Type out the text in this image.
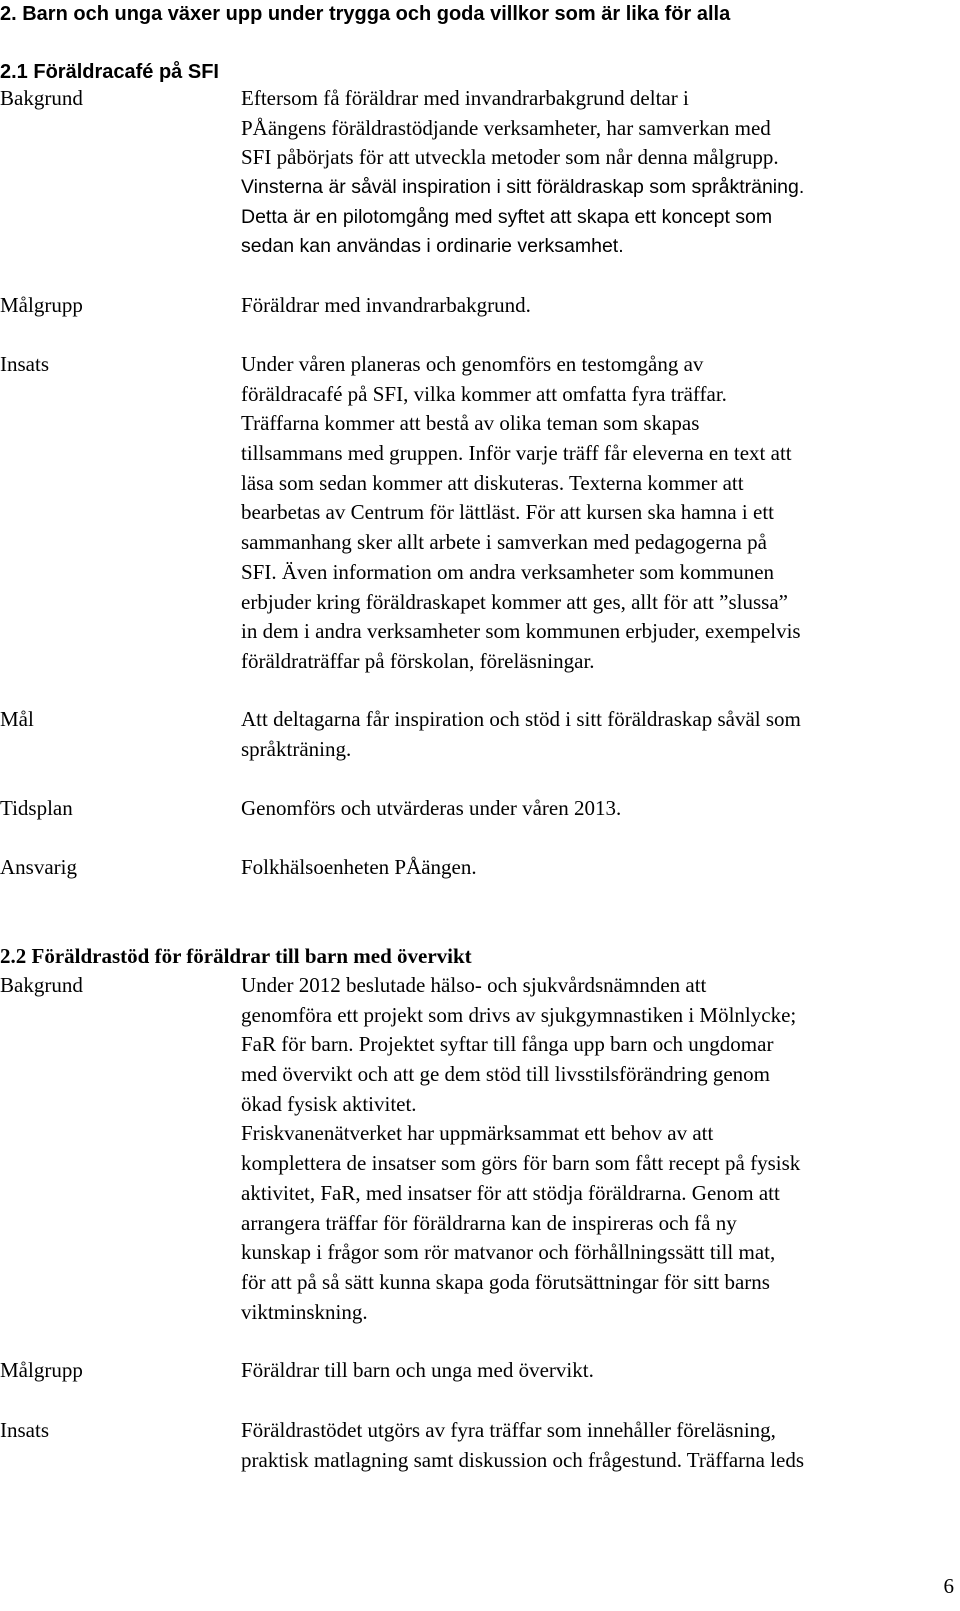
2. Barn och unga växer upp under trygga och goda villkor som är lika för alla
2.1 Föräldracafé på SFI
Bakgrund	Eftersom få föräldrar med invandrarbakgrund deltar i
PÅängens föräldrastödjande verksamheter, har samverkan med
SFI påbörjats för att utveckla metoder som når denna målgrupp.
Vinsterna är såväl inspiration i sitt föräldraskap som språkträning.
Detta är en pilotomgång med syftet att skapa ett koncept som
sedan kan användas i ordinarie verksamhet.
Målgrupp	Föräldrar med invandrarbakgrund.
Insats	Under våren planeras och genomförs en testomgång av
föräldracafé på SFI, vilka kommer att omfatta fyra träffar.
Träffarna kommer att bestå av olika teman som skapas
tillsammans med gruppen. Inför varje träff får eleverna en text att
läsa som sedan kommer att diskuteras. Texterna kommer att
bearbetas av Centrum för lättläst. För att kursen ska hamna i ett
sammanhang sker allt arbete i samverkan med pedagogerna på
SFI. Även information om andra verksamheter som kommunen
erbjuder kring föräldraskapet kommer att ges, allt för att ”slussa”
in dem i andra verksamheter som kommunen erbjuder, exempelvis
föräldraträffar på förskolan, föreläsningar.
Mål	Att deltagarna får inspiration och stöd i sitt föräldraskap såväl som
språkträning.
Tidsplan	Genomförs och utvärderas under våren 2013.
Ansvarig	Folkhälsoenheten PÅängen.
2.2 Föräldrastöd för föräldrar till barn med övervikt
Bakgrund	Under 2012 beslutade hälso- och sjukvårdsnämnden att
genomföra ett projekt som drivs av sjukgymnastiken i Mölnlycke;
FaR för barn. Projektet syftar till fånga upp barn och ungdomar
med övervikt och att ge dem stöd till livsstilsförändring genom
ökad fysisk aktivitet.
Friskvanenätverket har uppmärksammat ett behov av att
komplettera de insatser som görs för barn som fått recept på fysisk
aktivitet, FaR, med insatser för att stödja föräldrarna. Genom att
arrangera träffar för föräldrarna kan de inspireras och få ny
kunskap i frågor som rör matvanor och förhållningssätt till mat,
för att på så sätt kunna skapa goda förutsättningar för sitt barns
viktminskning.
Målgrupp	Föräldrar till barn och unga med övervikt.
Insats	Föräldrastödet utgörs av fyra träffar som innehåller föreläsning,
praktisk matlagning samt diskussion och frågestund. Träffarna leds
6
